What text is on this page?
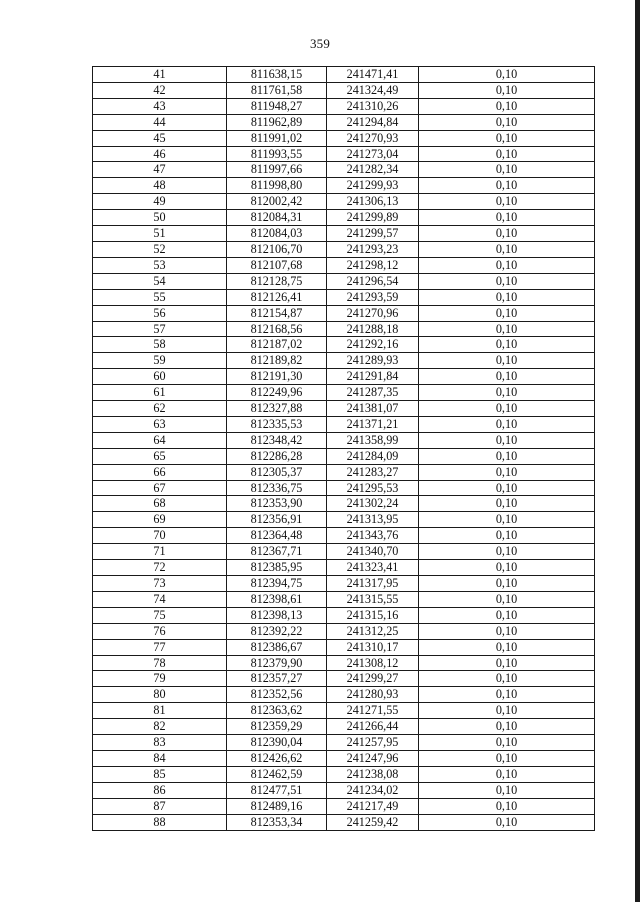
359
41	811638,15	241471,41	0,10
42	811761,58	241324,49	0,10
43	811948,27	241310,26	0,10
44	811962,89	241294,84	0,10
45	811991,02	241270,93	0,10
46	811993,55	241273,04	0,10
47	811997,66	241282,34	0,10
48	811998,80	241299,93	0,10
49	812002,42	241306,13	0,10
50	812084,31	241299,89	0,10
51	812084,03	241299,57	0,10
52	812106,70	241293,23	0,10
53	812107,68	241298,12	0,10
54	812128,75	241296,54	0,10
55	812126,41	241293,59	0,10
56	812154,87	241270,96	0,10
57	812168,56	241288,18	0,10
58	812187,02	241292,16	0,10
59	812189,82	241289,93	0,10
60	812191,30	241291,84	0,10
61	812249,96	241287,35	0,10
62	812327,88	241381,07	0,10
63	812335,53	241371,21	0,10
64	812348,42	241358,99	0,10
65	812286,28	241284,09	0,10
66	812305,37	241283,27	0,10
67	812336,75	241295,53	0,10
68	812353,90	241302,24	0,10
69	812356,91	241313,95	0,10
70	812364,48	241343,76	0,10
71	812367,71	241340,70	0,10
72	812385,95	241323,41	0,10
73	812394,75	241317,95	0,10
74	812398,61	241315,55	0,10
75	812398,13	241315,16	0,10
76	812392,22	241312,25	0,10
77	812386,67	241310,17	0,10
78	812379,90	241308,12	0,10
79	812357,27	241299,27	0,10
80	812352,56	241280,93	0,10
81	812363,62	241271,55	0,10
82	812359,29	241266,44	0,10
83	812390,04	241257,95	0,10
84	812426,62	241247,96	0,10
85	812462,59	241238,08	0,10
86	812477,51	241234,02	0,10
87	812489,16	241217,49	0,10
88	812353,34	241259,42	0,10
